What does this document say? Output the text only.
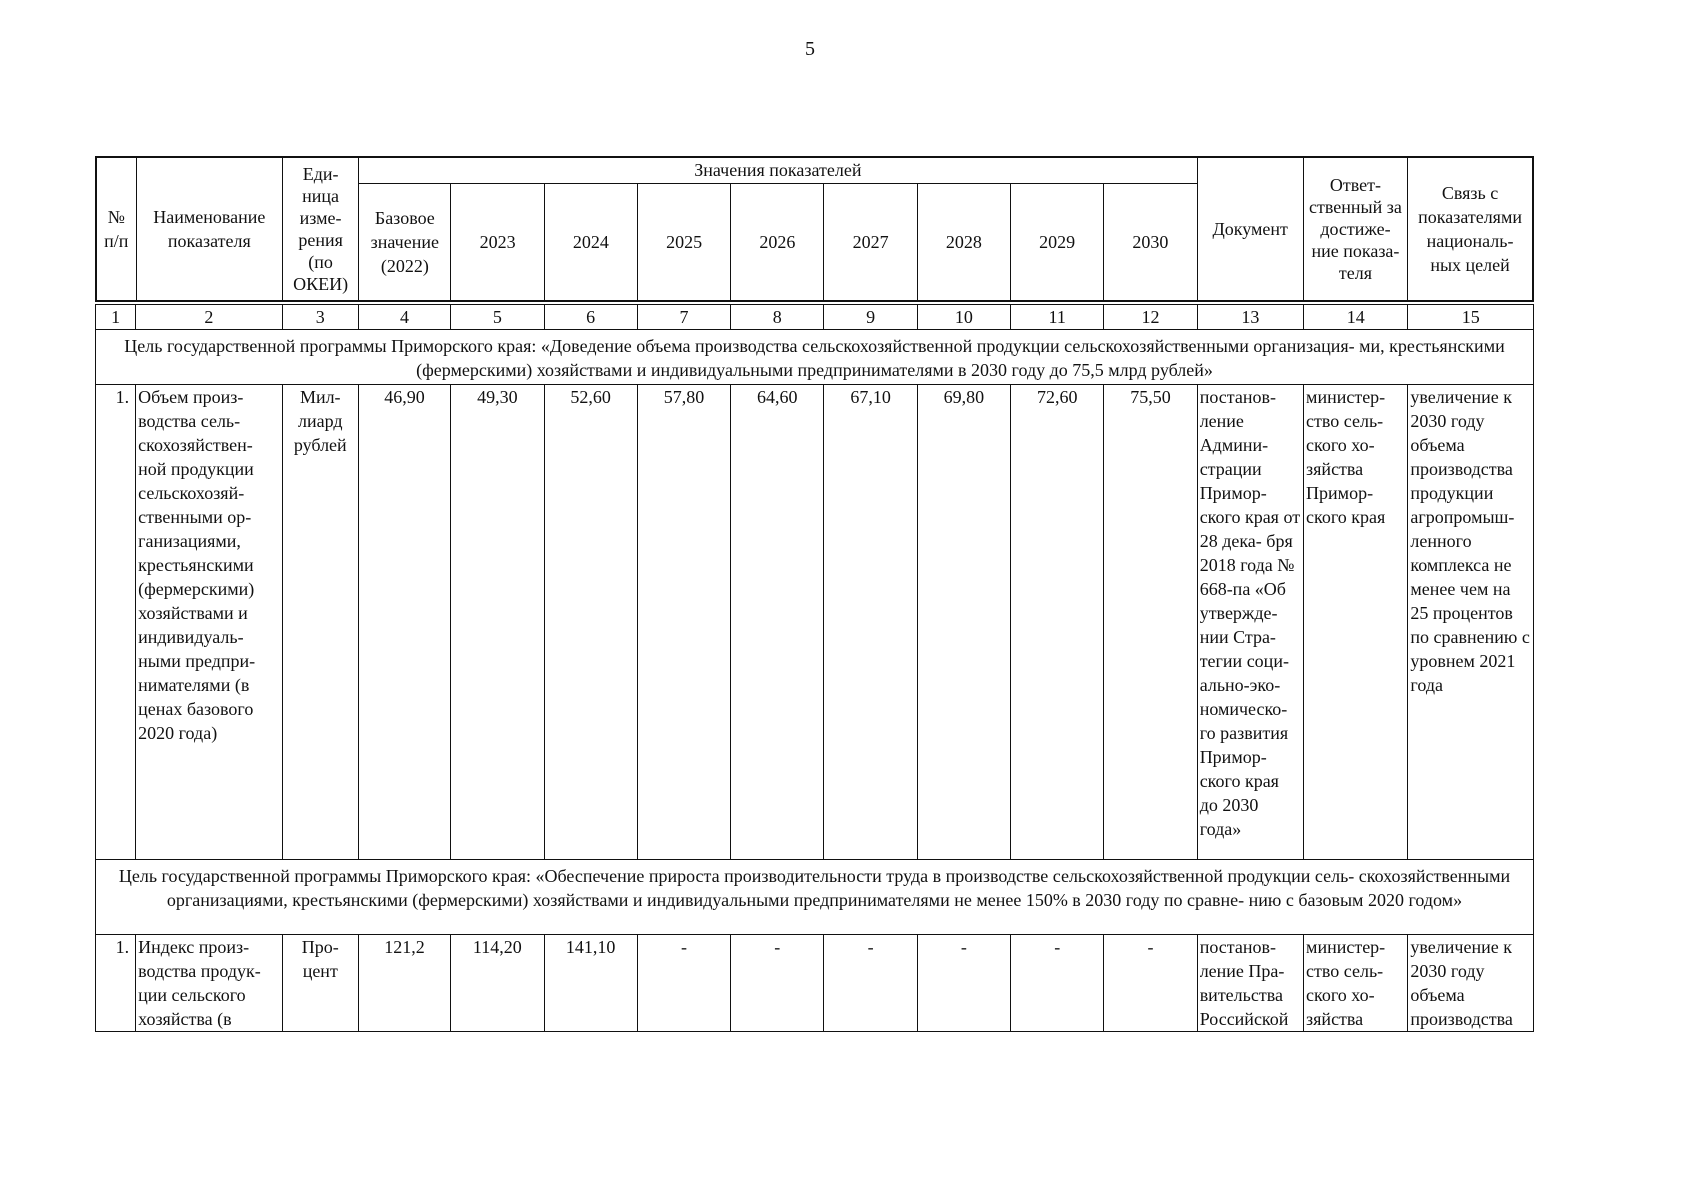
5
№ п/п	Наименование показателя	Еди- ница изме- рения (по ОКЕИ)	Значения показателей									Документ	Ответ- ственный за достиже- ние показа- теля	Связь с показателями националь- ных целей
			Базовое значение (2022)	2023	2024	2025	2026	2027	2028	2029	2030			
1	2	3	4	5	6	7	8	9	10	11	12	13	14	15
Цель государственной программы Приморского края: «Доведение объема производства сельскохозяйственной продукции сельскохозяйственными организация- ми, крестьянскими (фермерскими) хозяйствами и индивидуальными предпринимателями в 2030 году до 75,5 млрд рублей»														
1.	Объем произ- водства сель- скохозяйствен- ной продукции сельскохозяй- ственными ор- ганизациями, крестьянскими (фермерскими) хозяйствами и индивидуаль- ными предпри- нимателями (в ценах базового 2020 года)	Мил- лиард рублей	46,90	49,30	52,60	57,80	64,60	67,10	69,80	72,60	75,50	постанов- ление Админи- страции Примор- ского края от 28 дека- бря 2018 года № 668-па «Об утвержде- нии Стра- тегии соци- ально-эко- номическо- го развития Примор- ского края до 2030 года»	министер- ство сель- ского хо- зяйства Примор- ского края	увеличение к 2030 году объема производства продукции агропромыш- ленного комплекса не менее чем на 25 процентов по сравнению с уровнем 2021 года
Цель государственной программы Приморского края: «Обеспечение прироста производительности труда в производстве сельскохозяйственной продукции сель- скохозяйственными организациями, крестьянскими (фермерскими) хозяйствами и индивидуальными предпринимателями не менее 150% в 2030 году по сравне- нию с базовым 2020 годом»														

1.	Индекс произ- водства продук- ции сельского хозяйства (в	Про- цент	121,2	114,20	141,10	-	-	-	-	-	-	постанов- ление Пра- вительства Российской	министер- ство сель- ского хо- зяйства	увеличение к 2030 году объема производства
